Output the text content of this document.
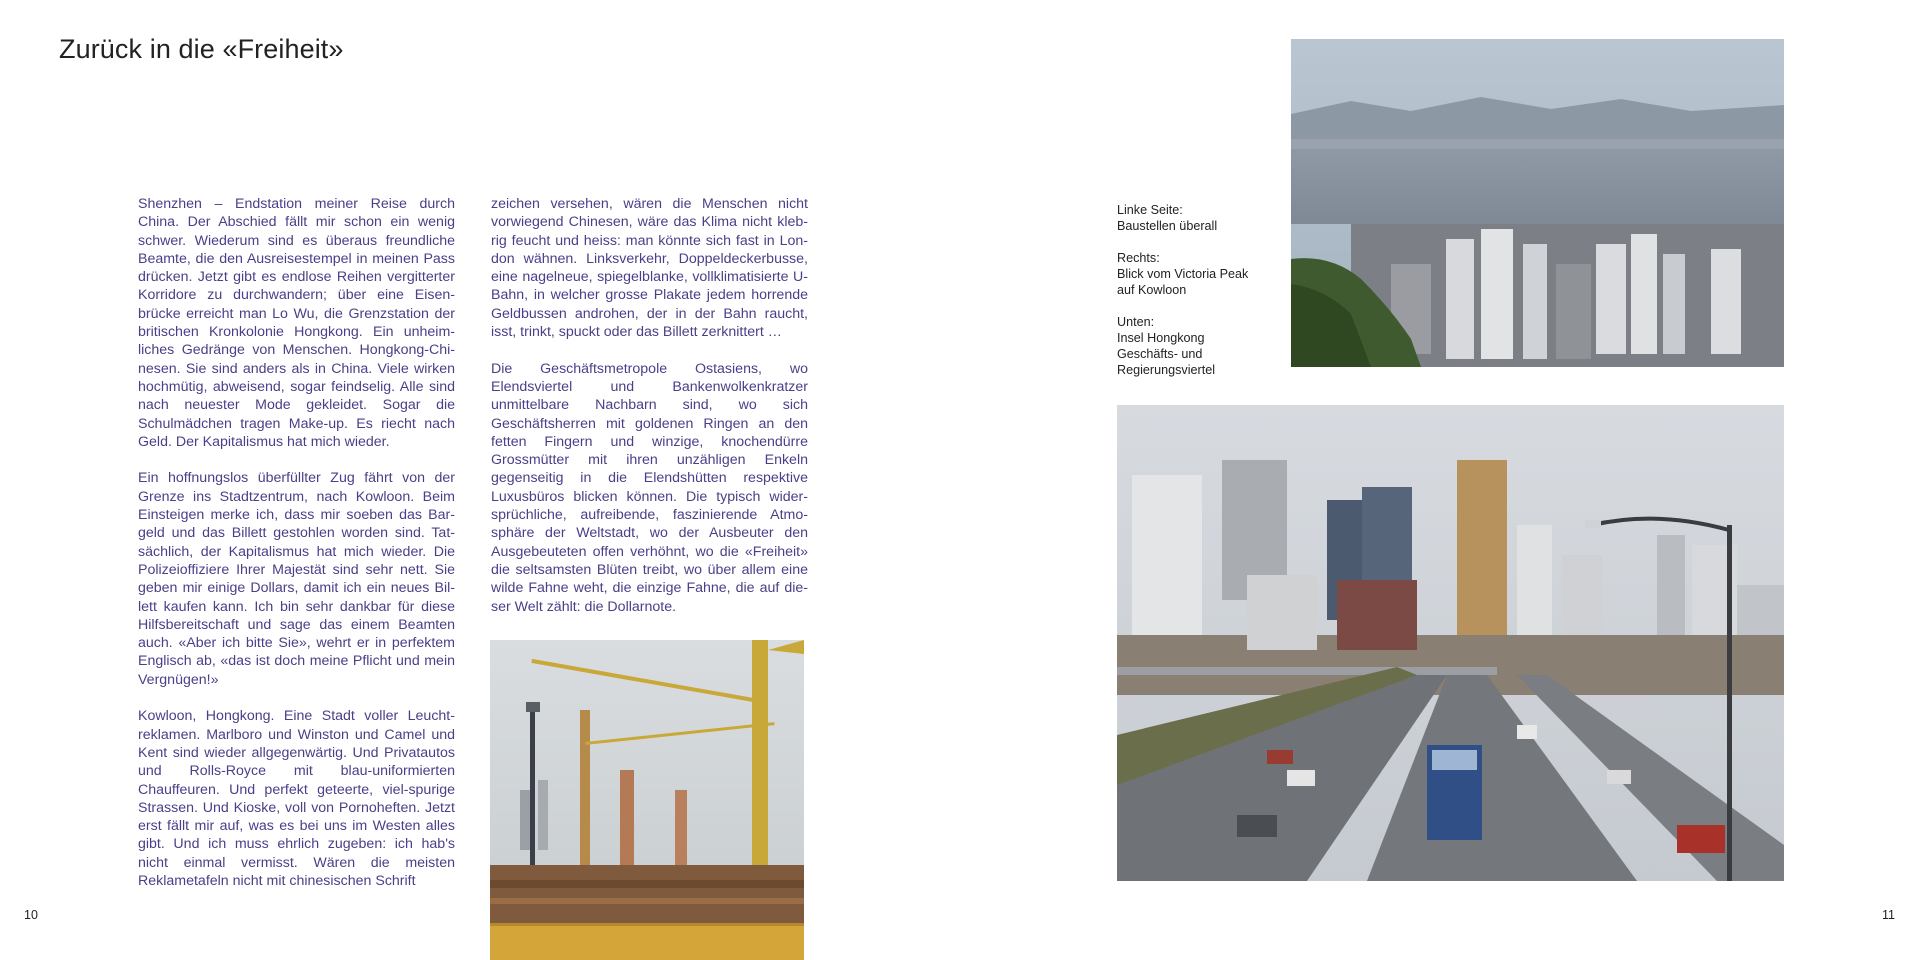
Zurück in die «Freiheit»

Shenzhen – Endstation meiner Reise durch China. Der Abschied fällt mir schon ein wenig schwer. Wiederum sind es überaus freundliche Beamte, die den Ausreisestempel in meinen Pass drücken. Jetzt gibt es endlose Reihen vergitterter Korridore zu durchwandern; über eine Eisenbrücke erreicht man Lo Wu, die Grenzstation der britischen Kronkolonie Hongkong. Ein unheimliches Gedränge von Menschen. Hongkong-Chinesen. Sie sind anders als in China. Viele wirken hochmütig, abweisend, sogar feindselig. Alle sind nach neuester Mode gekleidet. Sogar die Schulmädchen tragen Make-up. Es riecht nach Geld. Der Kapitalismus hat mich wieder.

Ein hoffnungslos überfüllter Zug fährt von der Grenze ins Stadtzentrum, nach Kowloon. Beim Einsteigen merke ich, dass mir soeben das Bargeld und das Billett gestohlen worden sind. Tatsächlich, der Kapitalismus hat mich wieder. Die Polizeioffiziere Ihrer Majestät sind sehr nett. Sie geben mir einige Dollars, damit ich ein neues Billett kaufen kann. Ich bin sehr dankbar für diese Hilfsbereitschaft und sage das einem Beamten auch. «Aber ich bitte Sie», wehrt er in perfektem Englisch ab, «das ist doch meine Pflicht und mein Vergnügen!»

Kowloon, Hongkong. Eine Stadt voller Leuchtreklamen. Marlboro und Winston und Camel und Kent sind wieder allgegenwärtig. Und Privatautos und Rolls-Royce mit blau-uniformierten Chauffeuren. Und perfekt geteerte, viel-spurige Strassen. Und Kioske, voll von Pornoheften. Jetzt erst fällt mir auf, was es bei uns im Westen alles gibt. Und ich muss ehrlich zugeben: ich hab's nicht einmal vermisst. Wären die meisten Reklametafeln nicht mit chinesischen Schrift

zeichen versehen, wären die Menschen nicht vorwiegend Chinesen, wäre das Klima nicht klebrig feucht und heiss: man könnte sich fast in London wähnen. Linksverkehr, Doppeldeckerbusse, eine nagelneue, spiegelblanke, vollklimatisierte U-Bahn, in welcher grosse Plakate jedem horrende Geldbussen androhen, der in der Bahn raucht, isst, trinkt, spuckt oder das Billett zerknittert …

Die Geschäftsmetropole Ostasiens, wo Elendsviertel und Bankenwolkenkratzer unmittelbare Nachbarn sind, wo sich Geschäftsherren mit goldenen Ringen an den fetten Fingern und winzige, knochendürre Grossmütter mit ihren unzähligen Enkeln gegenseitig in die Elendshütten respektive Luxusbüros blicken können. Die typisch widersprüchliche, aufreibende, faszinierende Atmosphäre der Weltstadt, wo der Ausbeuter den Ausgebeuteten offen verhöhnt, wo die «Freiheit» die seltsamsten Blüten treibt, wo über allem eine wilde Fahne weht, die einzige Fahne, die auf dieser Welt zählt: die Dollarnote.

Linke Seite:
Baustellen überall

Rechts:
Blick vom Victoria Peak
auf Kowloon

Unten:
Insel Hongkong
Geschäfts- und
Regierungsviertel

10	11
